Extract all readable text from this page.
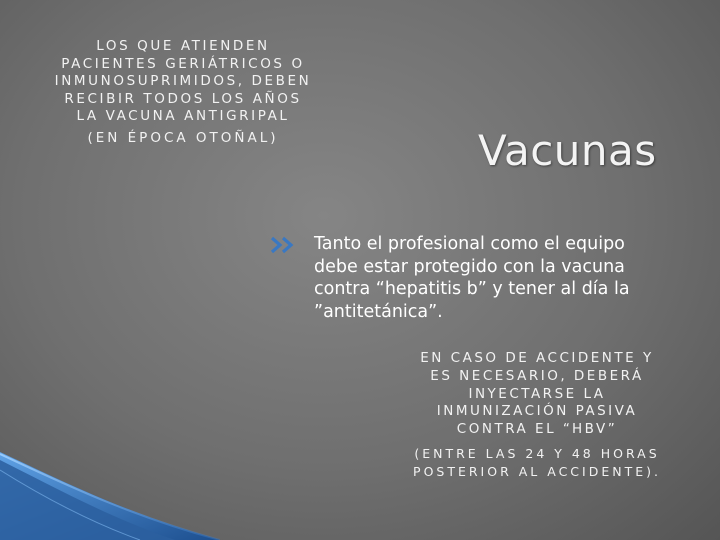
LOS QUE ATIENDEN
PACIENTES GERIÁTRICOS O
INMUNOSUPRIMIDOS, DEBEN
RECIBIR TODOS LOS AÑOS
LA VACUNA ANTIGRIPAL
(EN ÉPOCA OTOÑAL)	Vacunas
Tanto el profesional como el equipo debe estar protegido con la vacuna contra “hepatitis b” y tener al día la ”antitetánica”.
EN CASO DE ACCIDENTE Y
ES NECESARIO, DEBERÁ
INYECTARSE LA
INMUNIZACIÓN PASIVA
CONTRA EL “HBV”
(ENTRE LAS 24 Y 48 HORAS
POSTERIOR AL ACCIDENTE).
